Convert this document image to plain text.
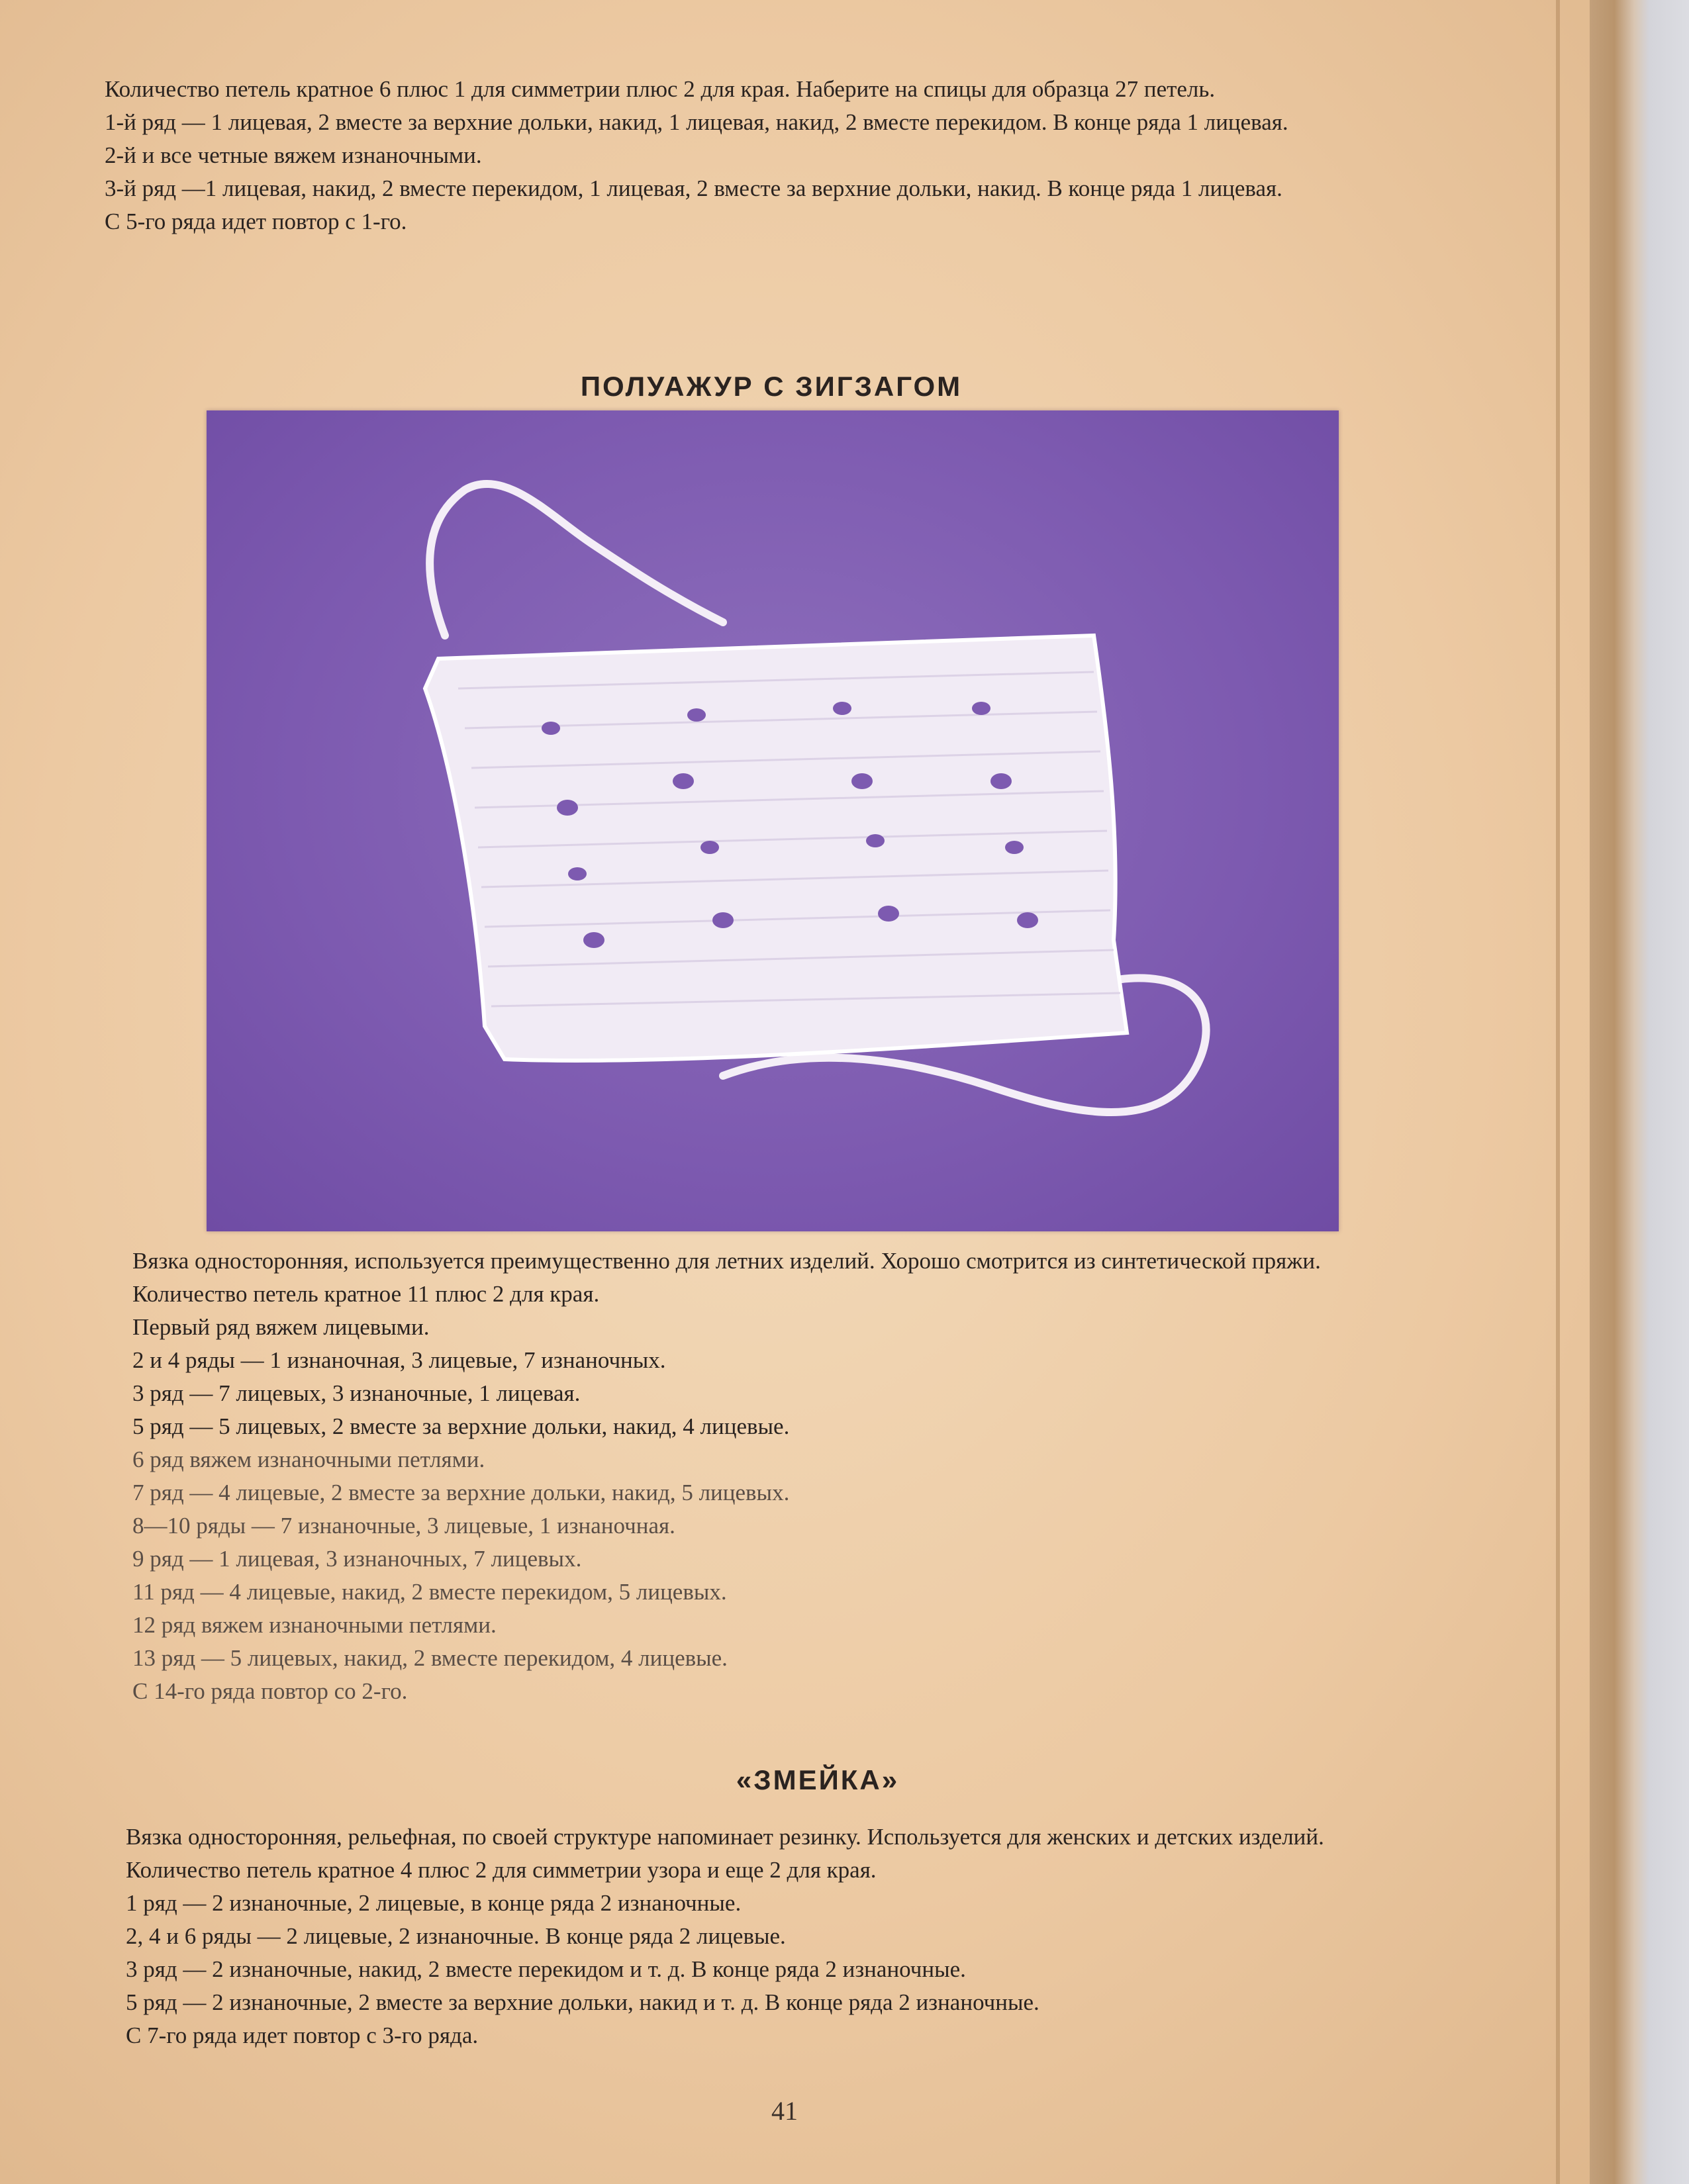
Количество петель кратное 6 плюс 1 для симметрии плюс 2 для края. Наберите на спицы для образца 27 петель.

1-й ряд — 1 лицевая, 2 вместе за верхние дольки, накид, 1 лицевая, накид, 2 вместе перекидом. В конце ряда 1 лицевая.

2-й и все четные вяжем изнаночными.

3-й ряд —1 лицевая, накид, 2 вместе перекидом, 1 лицевая, 2 вместе за верхние дольки, накид. В конце ряда 1 лицевая.

С 5-го ряда идет повтор с 1-го.

ПОЛУАЖУР С ЗИГЗАГОМ

Вязка односторонняя, используется преимущественно для летних изделий. Хорошо смотрится из синтетической пряжи.

Количество петель кратное 11 плюс 2 для края.

Первый ряд вяжем лицевыми.

2 и 4 ряды — 1 изнаночная, 3 лицевые, 7 изнаночных.

3 ряд — 7 лицевых, 3 изнаночные, 1 лицевая.

5 ряд — 5 лицевых, 2 вместе за верхние дольки, накид, 4 лицевые.

6 ряд вяжем изнаночными петлями.

7 ряд — 4 лицевые, 2 вместе за верхние дольки, накид, 5 лицевых.

8—10 ряды — 7 изнаночные, 3 лицевые, 1 изнаночная.

9 ряд — 1 лицевая, 3 изнаночных, 7 лицевых.

11 ряд — 4 лицевые, накид, 2 вместе перекидом, 5 лицевых.

12 ряд вяжем изнаночными петлями.

13 ряд — 5 лицевых, накид, 2 вместе перекидом, 4 лицевые.

С 14-го ряда повтор со 2-го.

«ЗМЕЙКА»

Вязка односторонняя, рельефная, по своей структуре напоминает резинку. Используется для женских и детских изделий.

Количество петель кратное 4 плюс 2 для симметрии узора и еще 2 для края.

1 ряд — 2 изнаночные, 2 лицевые, в конце ряда 2 изнаночные.

2, 4 и 6 ряды — 2 лицевые, 2 изнаночные. В конце ряда 2 лицевые.

3 ряд — 2 изнаночные, накид, 2 вместе перекидом и т. д. В конце ряда 2 изнаночные.

5 ряд — 2 изнаночные, 2 вместе за верхние дольки, накид и т. д. В конце ряда 2 изнаночные.

С 7-го ряда идет повтор с 3-го ряда.

41
